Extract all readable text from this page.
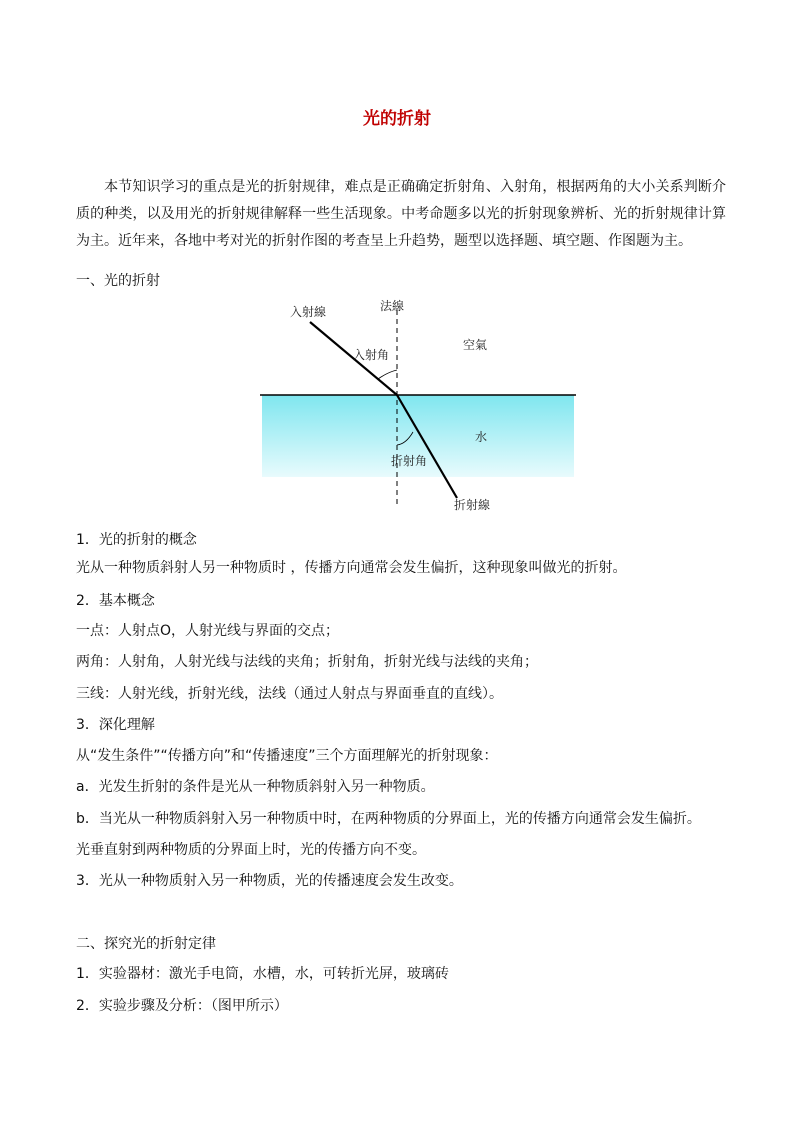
光的折射
本节知识学习的重点是光的折射规律，难点是正确确定折射角、入射角，根据两角的大小关系判断介质的种类，以及用光的折射规律解释一些生活现象。中考命题多以光的折射现象辨析、光的折射规律计算为主。近年来，各地中考对光的折射作图的考查呈上升趋势，题型以选择题、填空题、作图题为主。
一、光的折射
入射線	法線
入射角
空氣
水
折射角
折射線
1．光的折射的概念
光从一种物质斜射人另一种物质时 ，传播方向通常会发生偏折，这种现象叫做光的折射。
2．基本概念
一点：人射点O，人射光线与界面的交点；
两角：人射角，人射光线与法线的夹角；折射角，折射光线与法线的夹角；
三线：人射光线，折射光线，法线（通过人射点与界面垂直的直线）。
3．深化理解
从“发生条件”“传播方向”和“传播速度”三个方面理解光的折射现象：
a．光发生折射的条件是光从一种物质斜射入另一种物质。
b．当光从一种物质斜射入另一种物质中时，在两种物质的分界面上，光的传播方向通常会发生偏折。
光垂直射到两种物质的分界面上时，光的传播方向不变。
3．光从一种物质射入另一种物质，光的传播速度会发生改变。
二、探究光的折射定律
1．实验器材：激光手电筒，水槽，水，可转折光屏，玻璃砖
2．实验步骤及分析：（图甲所示）
